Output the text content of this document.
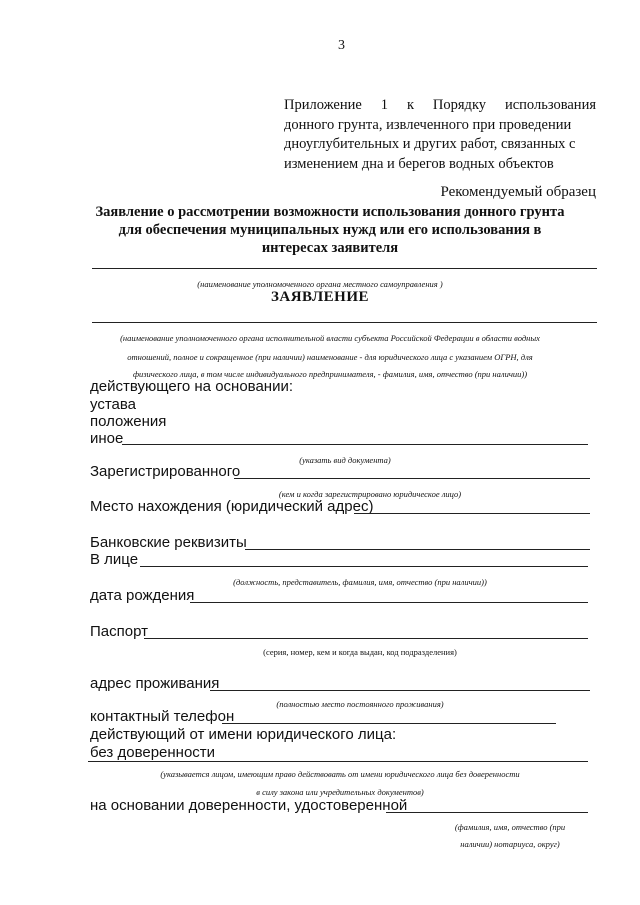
3
Приложение 1 к Порядку использования
донного грунта, извлеченного при проведении
дноуглубительных и других работ, связанных с
изменением дна и берегов водных объектов
Рекомендуемый образец
Заявление о рассмотрении возможности использования донного грунта
для обеспечения муниципальных нужд или его использования в
интересах заявителя
(наименование уполномоченного органа местного самоуправления )
ЗАЯВЛЕНИЕ
(наименование уполномоченного органа исполнительной власти субъекта Российской Федерации в области водных
отношений, полное и сокращенное (при наличии) наименование - для юридического лица с указанием ОГРН, для
физического лица, в том числе индивидуального предпринимателя, - фамилия, имя, отчество (при наличии))
действующего на основании:
устава
положения
иное
(указать вид документа)
Зарегистрированного
(кем и когда зарегистрировано юридическое лицо)
Место нахождения (юридический адрес)
Банковские реквизиты
В лице
(должность, представитель, фамилия, имя, отчество (при наличии))
дата рождения
Паспорт
(серия, номер, кем и когда выдан, код подразделения)
адрес проживания
(полностью место постоянного проживания)
контактный телефон
действующий от имени юридического лица:
без доверенности
(указывается лицом, имеющим право действовать от имени юридического лица без доверенности
в силу закона или учредительных документов)
на основании доверенности, удостоверенной
(фамилия, имя, отчество (при
наличии) нотариуса, округ)
